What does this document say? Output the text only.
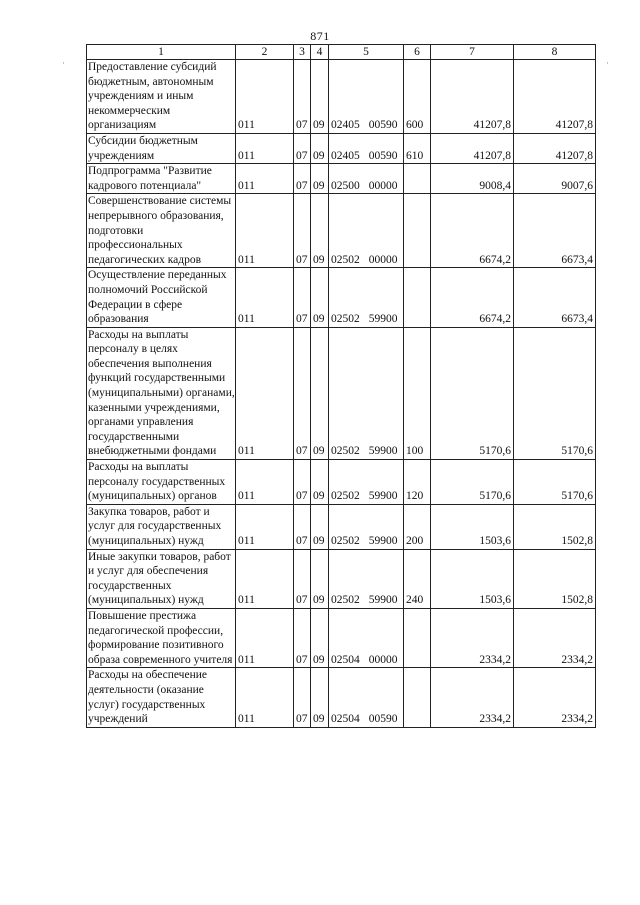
871
·	·
1	2	3	4	5	6	7	8
Предоставление субсидий бюджетным, автономным учреждениям и иным некоммерческим организациям	011	07	09	02405 00590	600	41207,8	41207,8
Субсидии бюджетным учреждениям	011	07	09	02405 00590	610	41207,8	41207,8
Подпрограмма "Развитие кадрового потенциала"	011	07	09	02500 00000		9008,4	9007,6
Совершенствование системы непрерывного образования, подготовки профессиональных педагогических кадров	011	07	09	02502 00000		6674,2	6673,4
Осуществление переданных полномочий Российской Федерации в сфере образования	011	07	09	02502 59900		6674,2	6673,4
Расходы на выплаты персоналу в целях обеспечения выполнения функций государственными (муниципальными) органами, казенными учреждениями, органами управления государственными внебюджетными фондами	011	07	09	02502 59900	100	5170,6	5170,6
Расходы на выплаты персоналу государственных (муниципальных) органов	011	07	09	02502 59900	120	5170,6	5170,6
Закупка товаров, работ и услуг для государственных (муниципальных) нужд	011	07	09	02502 59900	200	1503,6	1502,8
Иные закупки товаров, работ и услуг для обеспечения государственных (муниципальных) нужд	011	07	09	02502 59900	240	1503,6	1502,8
Повышение престижа педагогической профессии, формирование позитивного образа современного учителя	011	07	09	02504 00000		2334,2	2334,2
Расходы на обеспечение деятельности (оказание услуг) государственных учреждений	011	07	09	02504 00590		2334,2	2334,2
